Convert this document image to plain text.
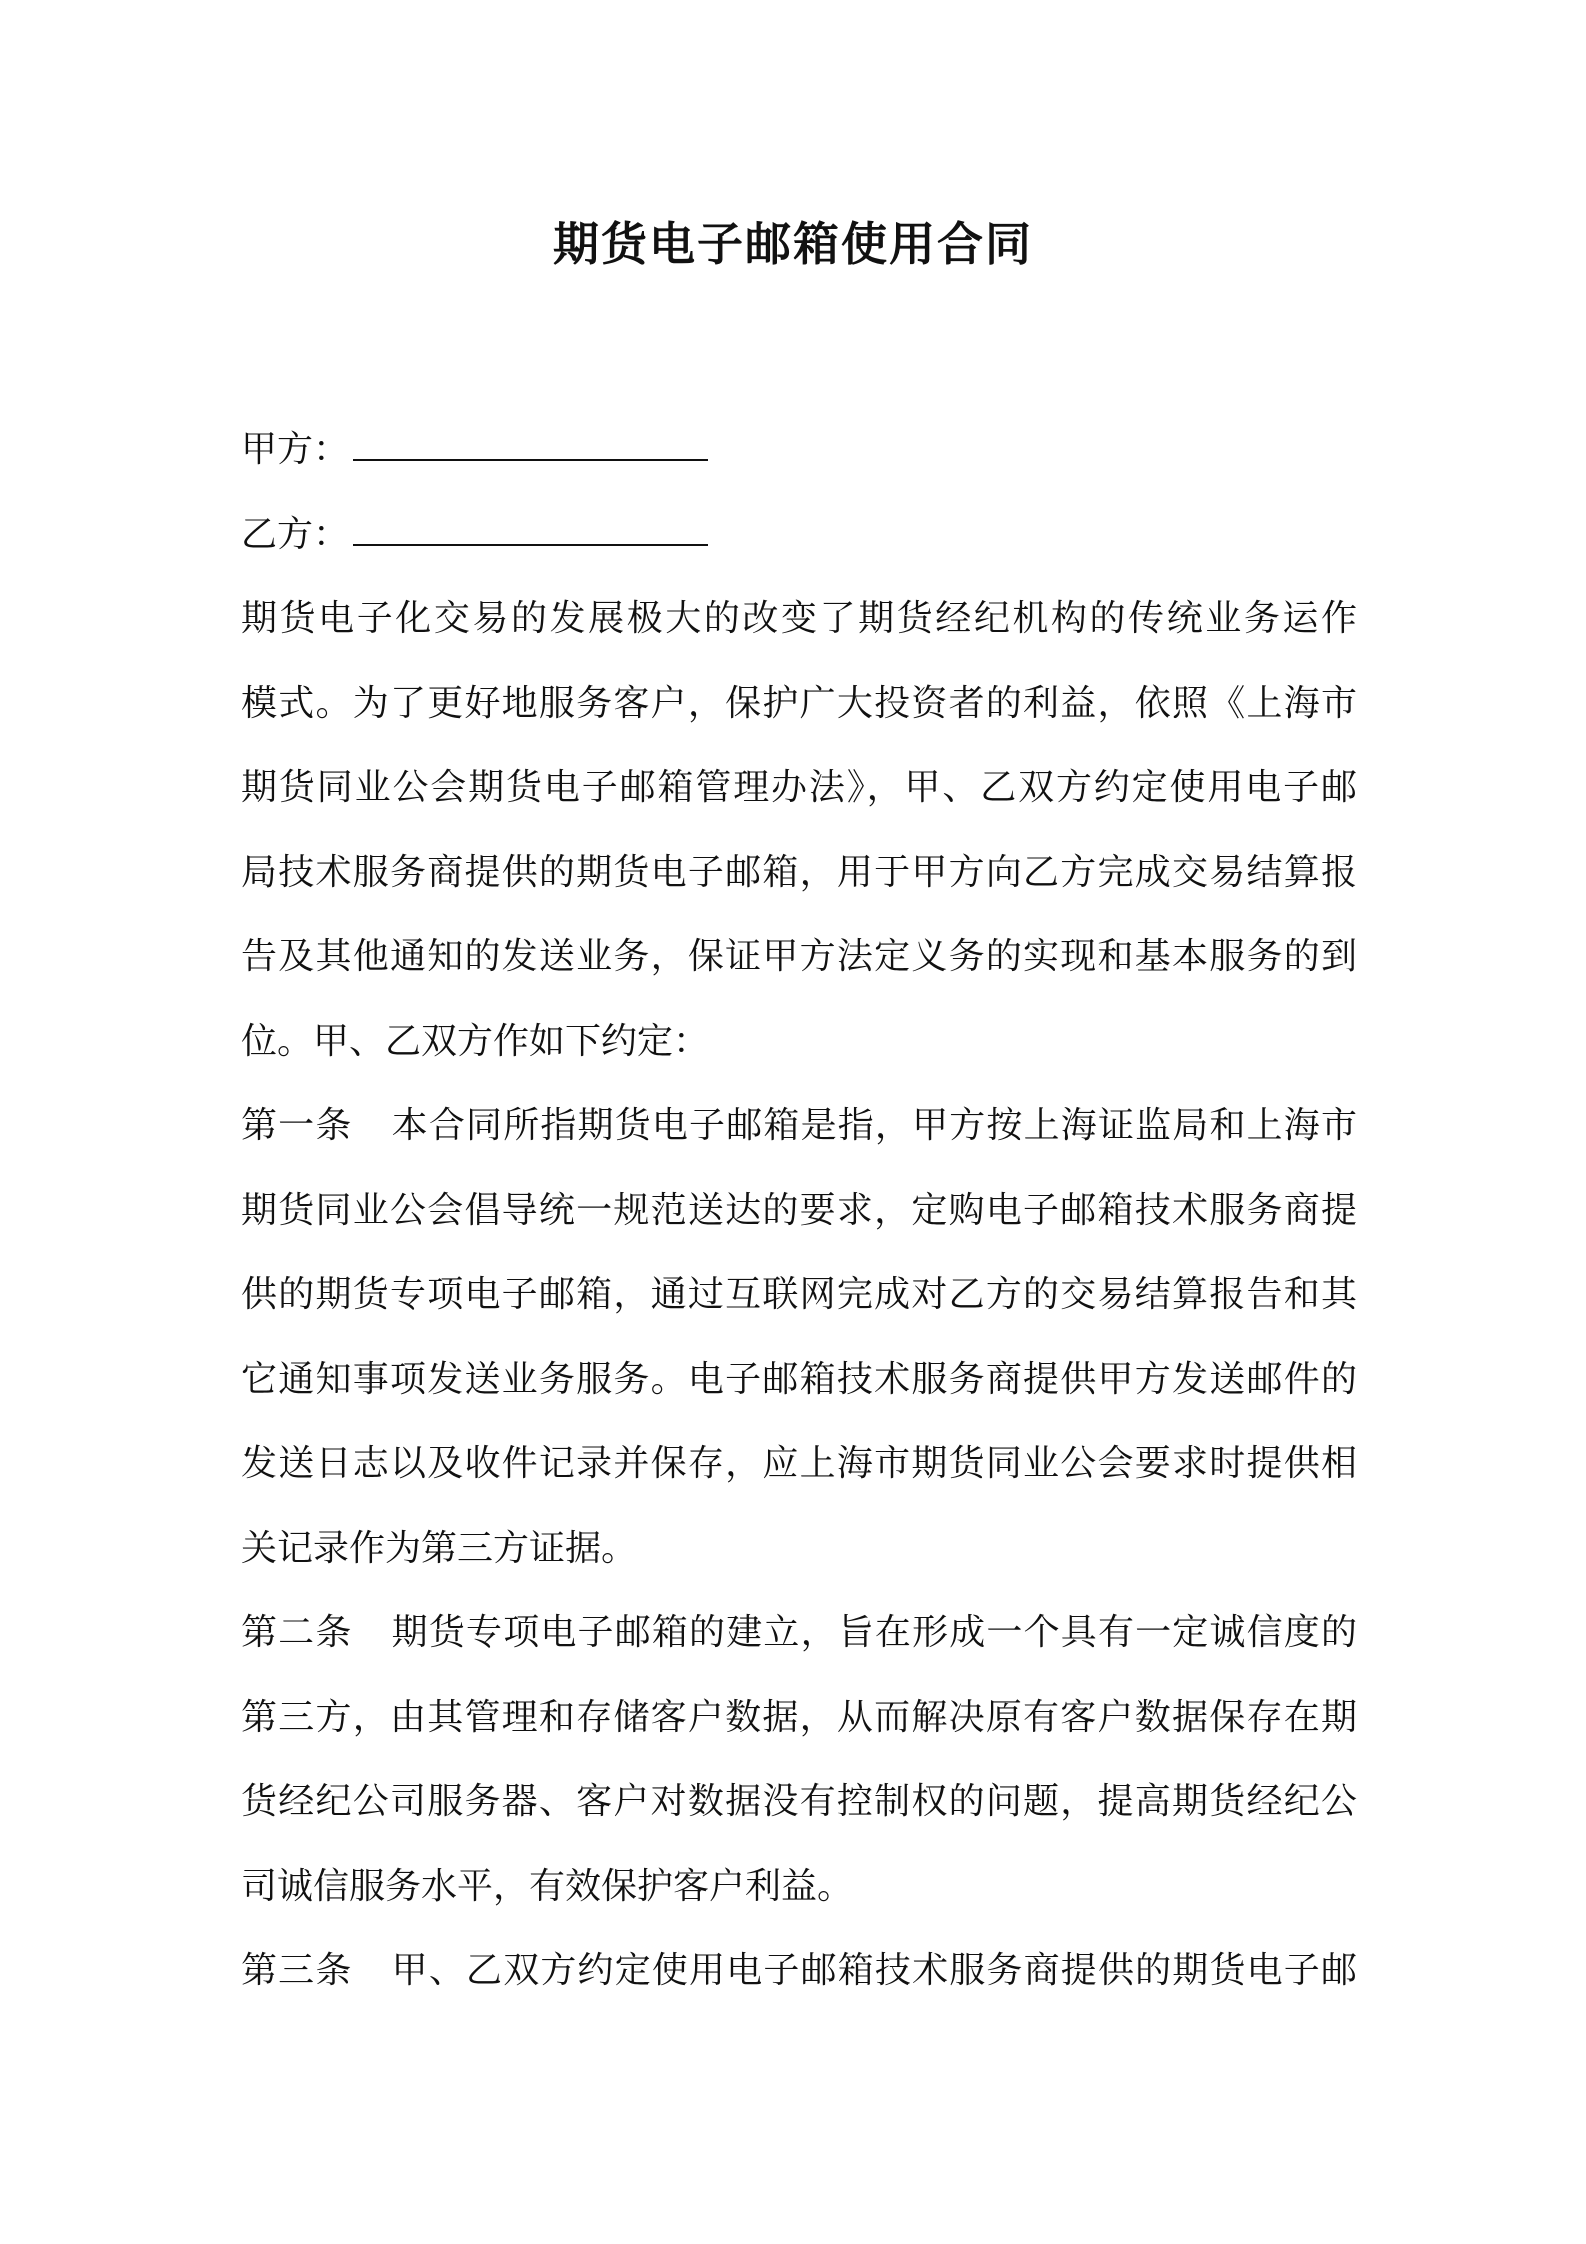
期货电子邮箱使用合同

甲方：

乙方：

期货电子化交易的发展极大的改变了期货经纪机构的传统业务运作

模式。为了更好地服务客户，保护广大投资者的利益，依照《上海市

期货同业公会期货电子邮箱管理办法》，甲、乙双方约定使用电子邮

局技术服务商提供的期货电子邮箱，用于甲方向乙方完成交易结算报

告及其他通知的发送业务，保证甲方法定义务的实现和基本服务的到

位。甲、乙双方作如下约定：

第一条 本合同所指期货电子邮箱是指，甲方按上海证监局和上海市

期货同业公会倡导统一规范送达的要求，定购电子邮箱技术服务商提

供的期货专项电子邮箱，通过互联网完成对乙方的交易结算报告和其

它通知事项发送业务服务。电子邮箱技术服务商提供甲方发送邮件的

发送日志以及收件记录并保存，应上海市期货同业公会要求时提供相

关记录作为第三方证据。

第二条 期货专项电子邮箱的建立，旨在形成一个具有一定诚信度的

第三方，由其管理和存储客户数据，从而解决原有客户数据保存在期

货经纪公司服务器、客户对数据没有控制权的问题，提高期货经纪公

司诚信服务水平，有效保护客户利益。

第三条 甲、乙双方约定使用电子邮箱技术服务商提供的期货电子邮
